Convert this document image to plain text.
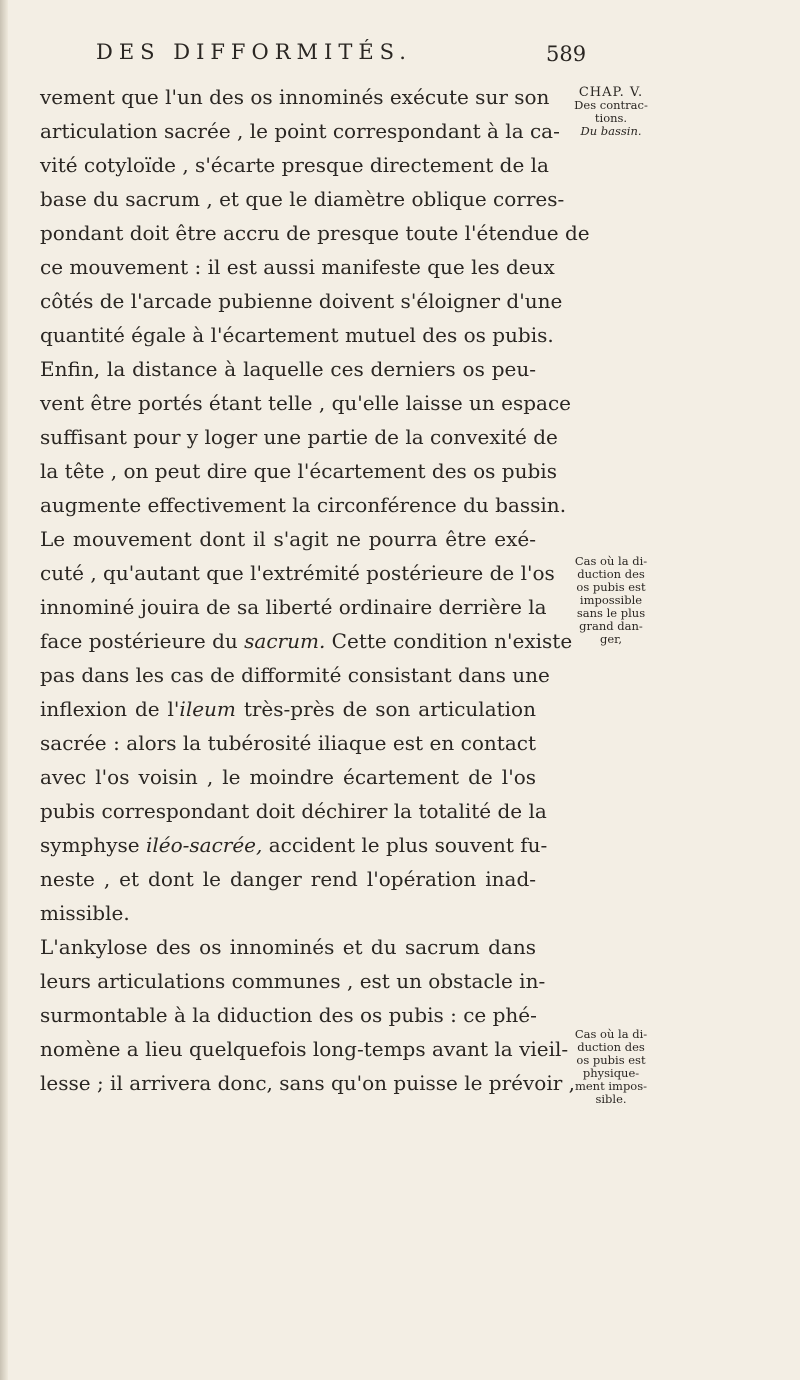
DES DIFFORMITÉS.	589
vement que l'un des os innominés exécute sur son
articulation sacrée , le point correspondant à la ca-
vité cotyloïde , s'écarte presque directement de la
base du sacrum , et que le diamètre oblique corres-
pondant doit être accru de presque toute l'étendue de
ce mouvement : il est aussi manifeste que les deux
côtés de l'arcade pubienne doivent s'éloigner d'une
quantité égale à l'écartement mutuel des os pubis.
Enfin, la distance à laquelle ces derniers os peu-
vent être portés étant telle , qu'elle laisse un espace
suffisant pour y loger une partie de la convexité de
la tête , on peut dire que l'écartement des os pubis
augmente effectivement la circonférence du bassin.
Le mouvement dont il s'agit ne pourra être exé-
cuté , qu'autant que l'extrémité postérieure de l'os
innominé jouira de sa liberté ordinaire derrière la
face postérieure du sacrum. Cette condition n'existe
pas dans les cas de difformité consistant dans une
inflexion de l'ileum très-près de son articulation
sacrée : alors la tubérosité iliaque est en contact
avec l'os voisin , le moindre écartement de l'os
pubis correspondant doit déchirer la totalité de la
symphyse iléo-sacrée, accident le plus souvent fu-
neste , et dont le danger rend l'opération inad-
missible.
L'ankylose des os innominés et du sacrum dans
leurs articulations communes , est un obstacle in-
surmontable à la diduction des os pubis : ce phé-
nomène a lieu quelquefois long-temps avant la vieil-
lesse ; il arrivera donc, sans qu'on puisse le prévoir ,
CHAP. V.
Des contrac-
tions.
Du bassin.
Cas où la di-
duction des
os pubis est
impossible
sans le plus
grand dan-
ger,
Cas où la di-
duction des
os pubis est
physique-
ment impos-
sible.
